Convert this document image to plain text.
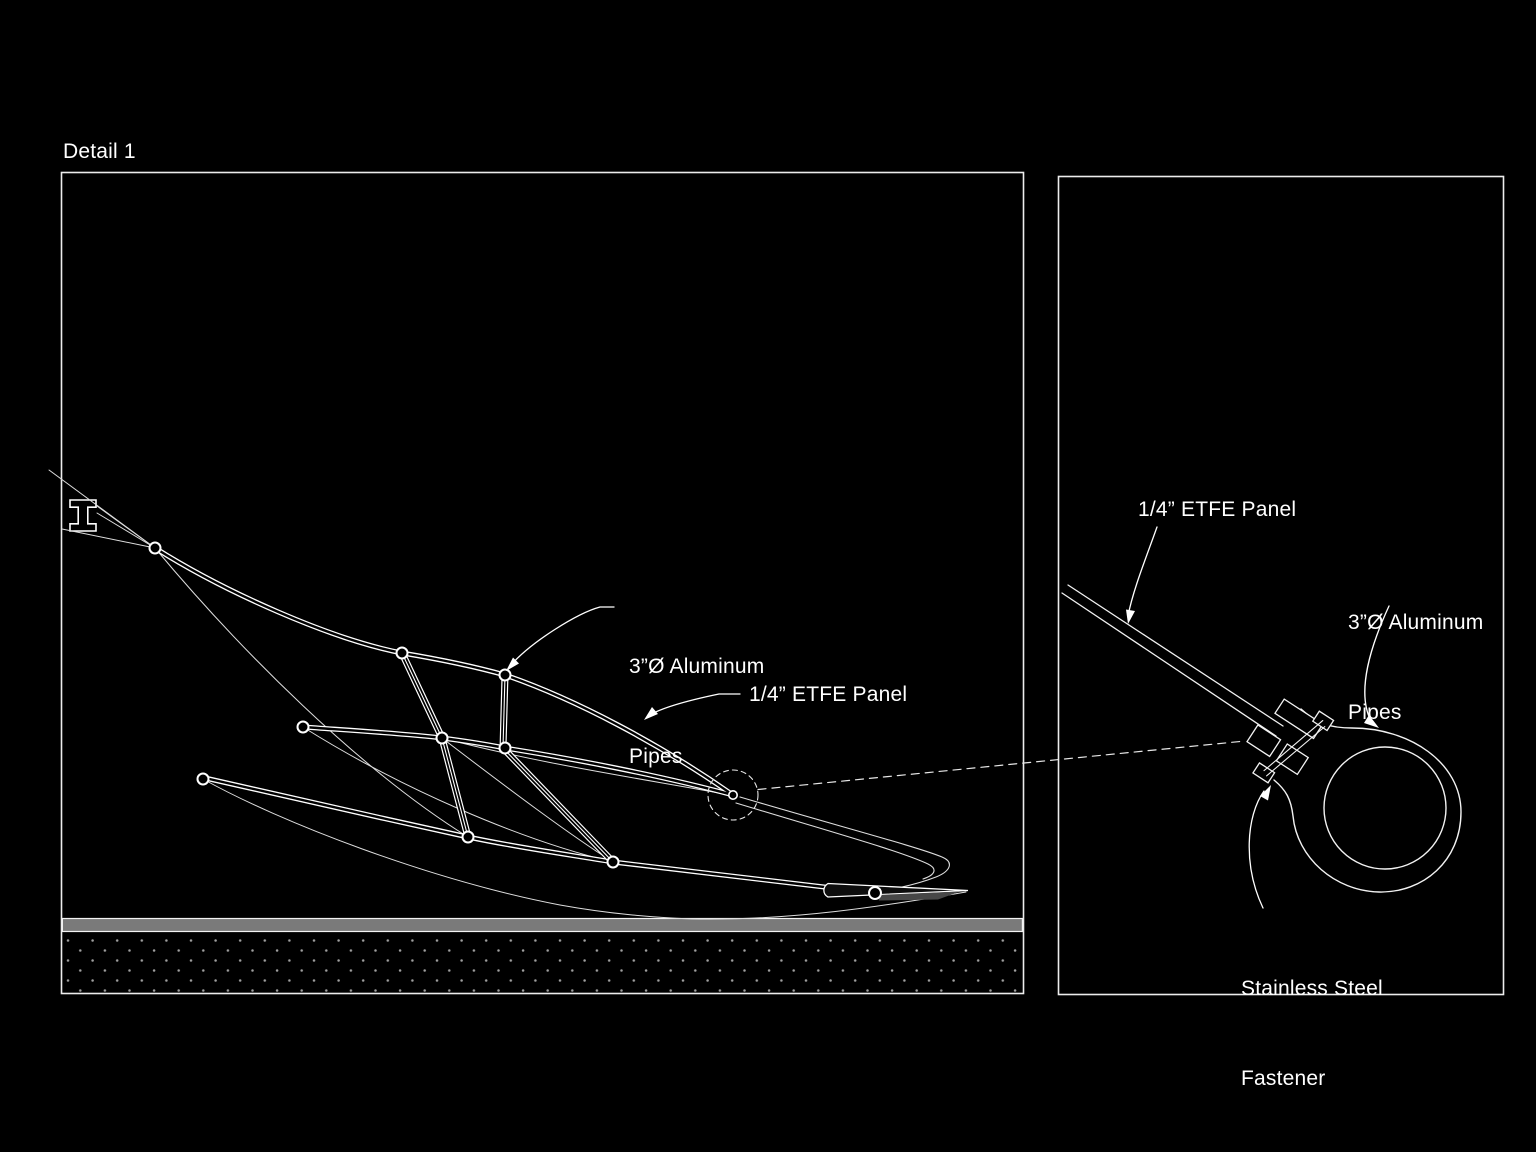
Detail 1

3”Ø Aluminum

Pipes

1/4” ETFE Panel
1/4” ETFE Panel

3”Ø Aluminum

Pipes

Stainless Steel

Fastener
